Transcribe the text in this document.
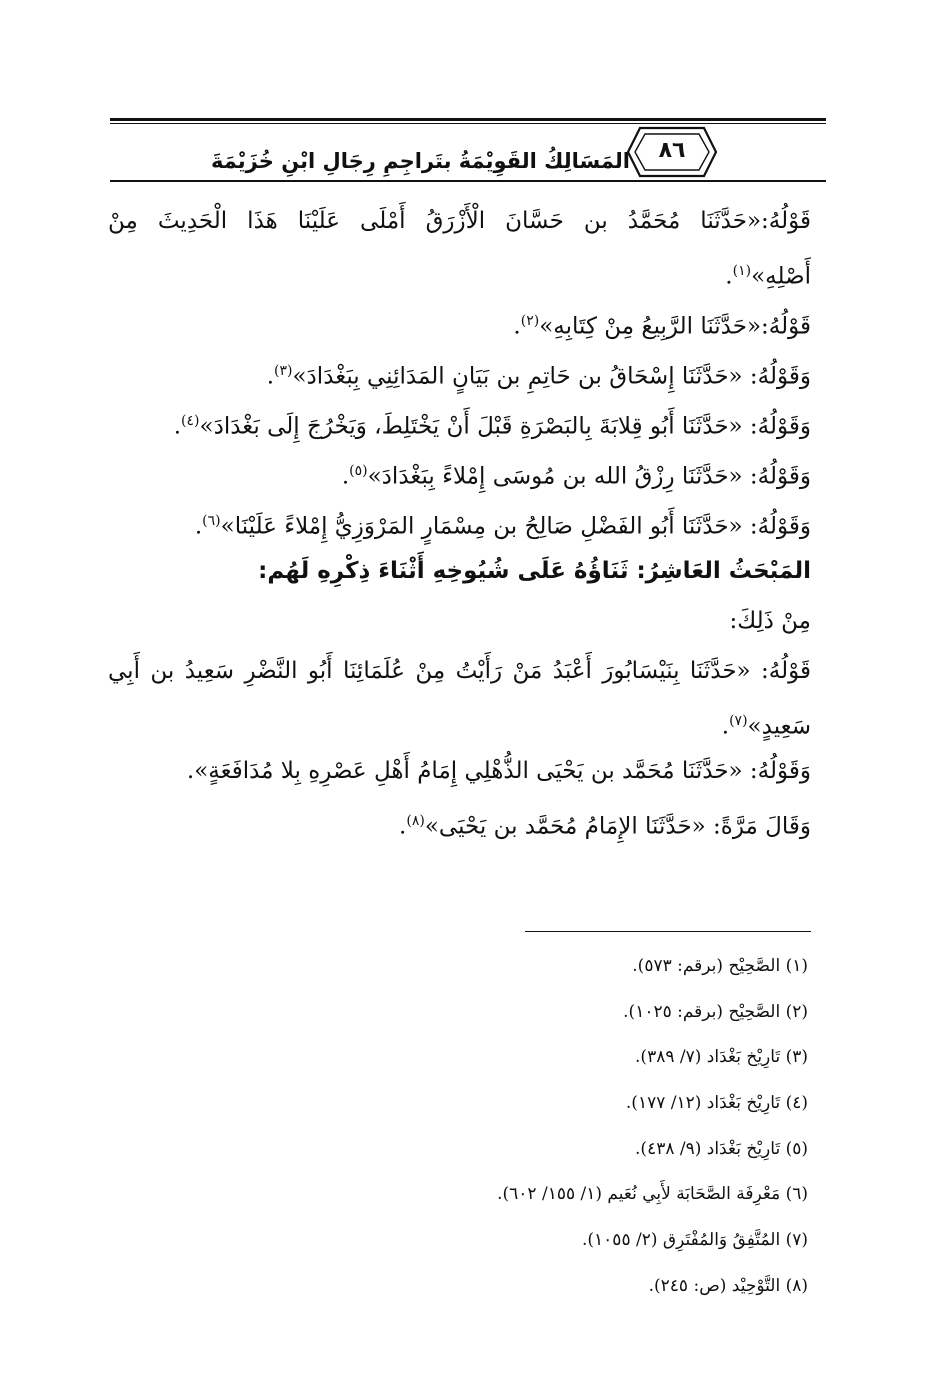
٨٦
المَسَالِكُ القَوِيْمَةُ بتَراجِمِ رِجَالِ ابْنِ خُزَيْمَةَ
قَوْلُهُ:«حَدَّثَنَا مُحَمَّدُ بن حَسَّانَ الْأَزْرَقُ أَمْلَى عَلَيْنَا هَذَا الْحَدِيثَ مِنْ
أَصْلِهِ»$^{(١)}$.
قَوْلُهُ:«حَدَّثَنَا الرَّبِيعُ مِنْ كِتَابِهِ»$^{(٢)}$.
وَقَوْلُهُ: «حَدَّثَنَا إِسْحَاقُ بن حَاتِمِ بن بَيَانٍ المَدَائِنِي بِبَغْدَادَ»$^{(٣)}$.
وَقَوْلُهُ: «حَدَّثَنَا أَبُو قِلابَةَ بِالبَصْرَةِ قَبْلَ أَنْ يَخْتَلِطَ، وَيَخْرُجَ إِلَى بَغْدَادَ»$^{(٤)}$.
وَقَوْلُهُ: «حَدَّثَنَا رِزْقُ الله بن مُوسَى إِمْلاءً بِبَغْدَادَ»$^{(٥)}$.
وَقَوْلُهُ: «حَدَّثَنَا أَبُو الفَضْلِ صَالِحُ بن مِسْمَارٍ المَرْوَزِيُّ إِمْلاءً عَلَيْنَا»$^{(٦)}$.
المَبْحَثُ العَاشِرُ: ثَنَاؤُهُ عَلَى شُيُوخِهِ أَثْنَاءَ ذِكْرِهِ لَهُم:
مِنْ ذَلِكَ:
قَوْلُهُ: «حَدَّثَنَا بِنَيْسَابُورَ أَعْبَدُ مَنْ رَأَيْتُ مِنْ عُلَمَائِنَا أَبُو النَّضْرِ سَعِيدُ بن أَبِي
سَعِيدٍ»$^{(٧)}$.
وَقَوْلُهُ: «حَدَّثَنَا مُحَمَّد بن يَحْيَى الذُّهْلِي إِمَامُ أَهْلِ عَصْرِهِ بِلا مُدَافَعَةٍ».
وَقَالَ مَرَّةً: «حَدَّثَنَا الإِمَامُ مُحَمَّد بن يَحْيَى»$^{(٨)}$.
(١) الصَّحِيْح (برقم: ٥٧٣).
(٢) الصَّحِيْح (برقم: ١٠٢٥).
(٣) تَارِيْخ بَغْدَاد (٧/ ٣٨٩).
(٤) تَارِيْخ بَغْدَاد (١٢/ ١٧٧).
(٥) تَارِيْخ بَغْدَاد (٩/ ٤٣٨).
(٦) مَعْرِفَة الصَّحَابَة لأَبِي نُعَيم (١/ ١٥٥/ ٦٠٢).
(٧) المُتَّفِقُ وَالمُفْتَرِق (٢/ ١٠٥٥).
(٨) التَّوْحِيْد (ص: ٢٤٥).
